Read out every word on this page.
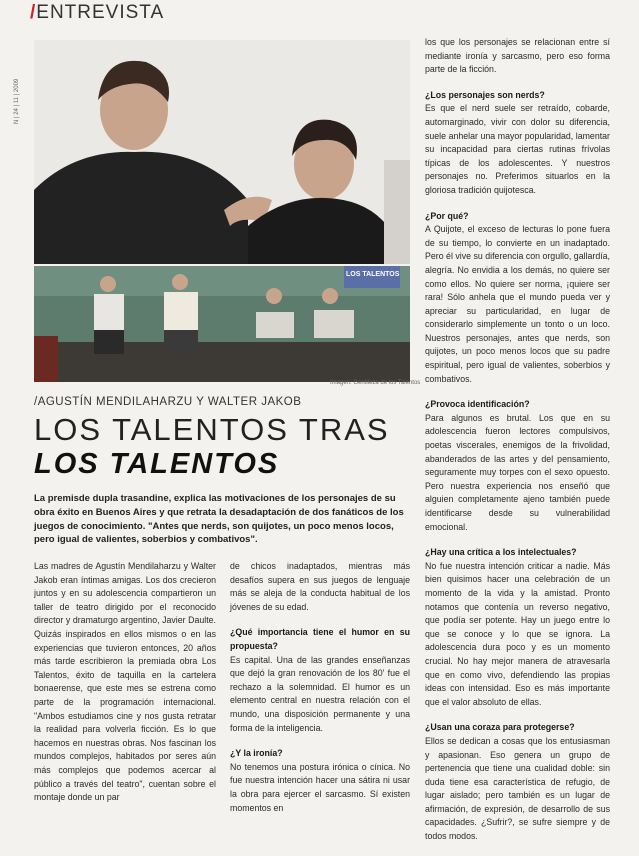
/ENTREVISTA
Ñ | 24 | 11 | 2009
LOS TALENTOS
Imagen: Gentileza de los Talentos
/AGUSTÍN MENDILAHARZU Y WALTER JAKOB
LOS TALENTOS TRAS
LOS TALENTOS
La premisde dupla trasandine, explica las motivaciones de los personajes de su obra éxito en Buenos Aires y que retrata la desadaptación de dos fanáticos de los juegos de conocimiento. "Antes que nerds, son quijotes, un poco menos locos, pero igual de valientes, soberbios y combativos".

Las madres de Agustín Mendilaharzu y Walter Jakob eran íntimas amigas. Los dos crecieron juntos y en su adolescencia compartieron un taller de teatro dirigido por el reconocido director y dramaturgo argentino, Javier Daulte. Quizás inspirados en ellos mismos o en las experiencias que tuvieron entonces, 20 años más tarde escribieron la premiada obra Los Talentos, éxito de taquilla en la cartelera bonaerense, que este mes se estrena como parte de la programación internacional. "Ambos estudiamos cine y nos gusta retratar la realidad para volverla ficción. Es lo que hacemos en nuestras obras. Nos fascinan los mundos complejos, habitados por seres aún más complejos que podemos acercar al público a través del teatro", cuentan sobre el montaje donde un par

de chicos inadaptados, mientras más desafíos supera en sus juegos de lenguaje más se aleja de la conducta habitual de los jóvenes de su edad.

¿Qué importancia tiene el humor en su propuesta?

Es capital. Una de las grandes enseñanzas que dejó la gran renovación de los 80' fue el rechazo a la solemnidad. El humor es un elemento central en nuestra relación con el mundo, una disposición permanente y una forma de la inteligencia.

¿Y la ironía?

No tenemos una postura irónica o cínica. No fue nuestra intención hacer una sátira ni usar la obra para ejercer el sarcasmo. Sí existen momentos en

los que los personajes se relacionan entre sí mediante ironía y sarcasmo, pero eso forma parte de la ficción.

¿Los personajes son nerds?

Es que el nerd suele ser retraído, cobarde, automarginado, vivir con dolor su diferencia, suele anhelar una mayor popularidad, lamentar su incapacidad para ciertas rutinas frívolas típicas de los adolescentes. Y nuestros personajes no. Preferimos situarlos en la gloriosa tradición quijotesca.

¿Por qué?

A Quijote, el exceso de lecturas lo pone fuera de su tiempo, lo convierte en un inadaptado. Pero él vive su diferencia con orgullo, gallardía, alegría. No envidia a los demás, no quiere ser como ellos. No quiere ser norma, ¡quiere ser rara! Sólo anhela que el mundo pueda ver y apreciar su particularidad, en lugar de considerarlo simplemente un tonto o un loco. Nuestros personajes, antes que nerds, son quijotes, un poco menos locos que su padre espiritual, pero igual de valientes, soberbios y combativos.

¿Provoca identificación?

Para algunos es brutal. Los que en su adolescencia fueron lectores compulsivos, poetas viscerales, enemigos de la frivolidad, abanderados de las artes y del pensamiento, seguramente muy torpes con el sexo opuesto. Pero nuestra experiencia nos enseñó que alguien completamente ajeno también puede identificarse desde su vulnerabilidad emocional.

¿Hay una crítica a los intelectuales?

No fue nuestra intención criticar a nadie. Más bien quisimos hacer una celebración de un momento de la vida y la amistad. Pronto notamos que contenía un reverso negativo, que podía ser potente. Hay un juego entre lo que se conoce y lo que se ignora. La adolescencia dura poco y es un momento crucial. No hay mejor manera de atravesarla que en como vivo, defendiendo las propias ideas con intensidad. Eso es más importante que el valor absoluto de ellas.

¿Usan una coraza para protegerse?

Ellos se dedican a cosas que los entusiasman y apasionan. Eso genera un grupo de pertenencia que tiene una cualidad doble: sin duda tiene esa característica de refugio, de lugar aislado; pero también es un lugar de afirmación, de expresión, de desarrollo de sus capacidades. ¿Sufrir?, se sufre siempre y de todos modos.
